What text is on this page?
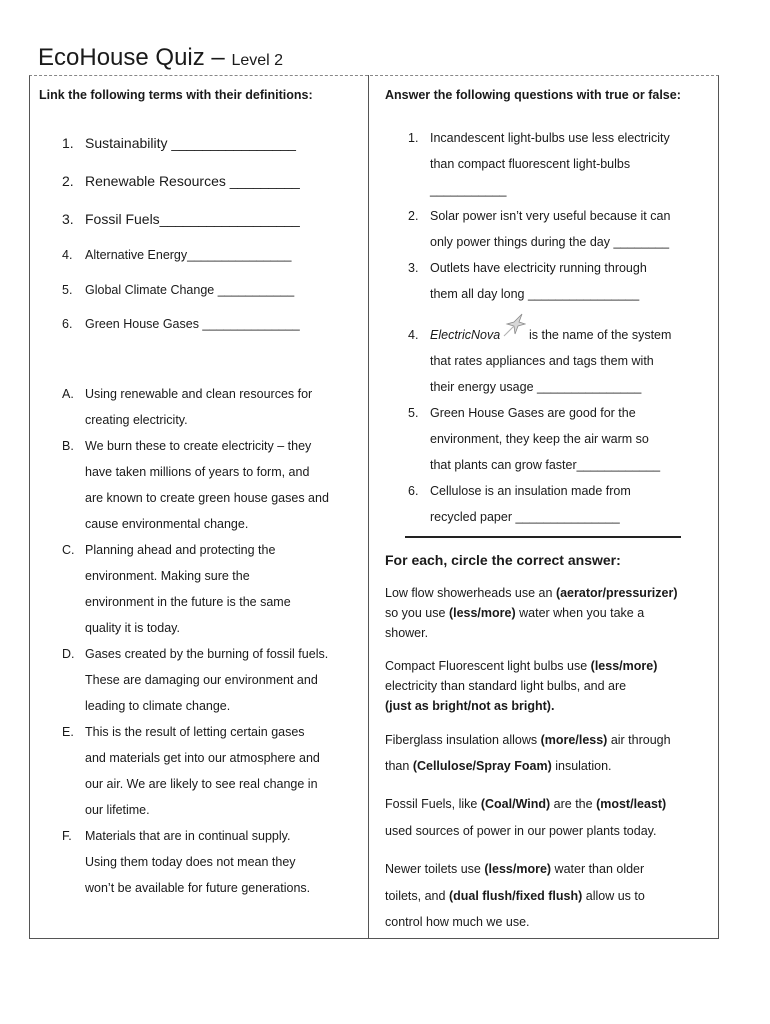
EcoHouse Quiz – Level 2
Link the following terms with their definitions:
1. Sustainability ________________
2. Renewable Resources _________
3. Fossil Fuels__________________
4. Alternative Energy_______________
5. Global Climate Change ___________
6. Green House Gases ______________
A. Using renewable and clean resources for
creating electricity.
B. We burn these to create electricity – they
have taken millions of years to form, and
are known to create green house gases and
cause environmental change.
C. Planning ahead and protecting the
environment. Making sure the
environment in the future is the same
quality it is today.
D. Gases created by the burning of fossil fuels.
These are damaging our environment and
leading to climate change.
E. This is the result of letting certain gases
and materials get into our atmosphere and
our air. We are likely to see real change in
our lifetime.
F. Materials that are in continual supply.
Using them today does not mean they
won’t be available for future generations.
Answer the following questions with true or false:
1. Incandescent light-bulbs use less electricity
than compact fluorescent light-bulbs
___________
2. Solar power isn’t very useful because it can
only power things during the day ________
3. Outlets have electricity running through
them all day long ________________
4. ElectricNova is the name of the system
that rates appliances and tags them with
their energy usage _______________
5. Green House Gases are good for the
environment, they keep the air warm so
that plants can grow faster____________
6. Cellulose is an insulation made from
recycled paper _______________
For each, circle the correct answer:
Low flow showerheads use an (aerator/pressurizer)
so you use (less/more) water when you take a
shower.
Compact Fluorescent light bulbs use (less/more)
electricity than standard light bulbs, and are
(just as bright/not as bright).
Fiberglass insulation allows (more/less) air through
than (Cellulose/Spray Foam) insulation.
Fossil Fuels, like (Coal/Wind) are the (most/least)
used sources of power in our power plants today.
Newer toilets use (less/more) water than older
toilets, and (dual flush/fixed flush) allow us to
control how much we use.
